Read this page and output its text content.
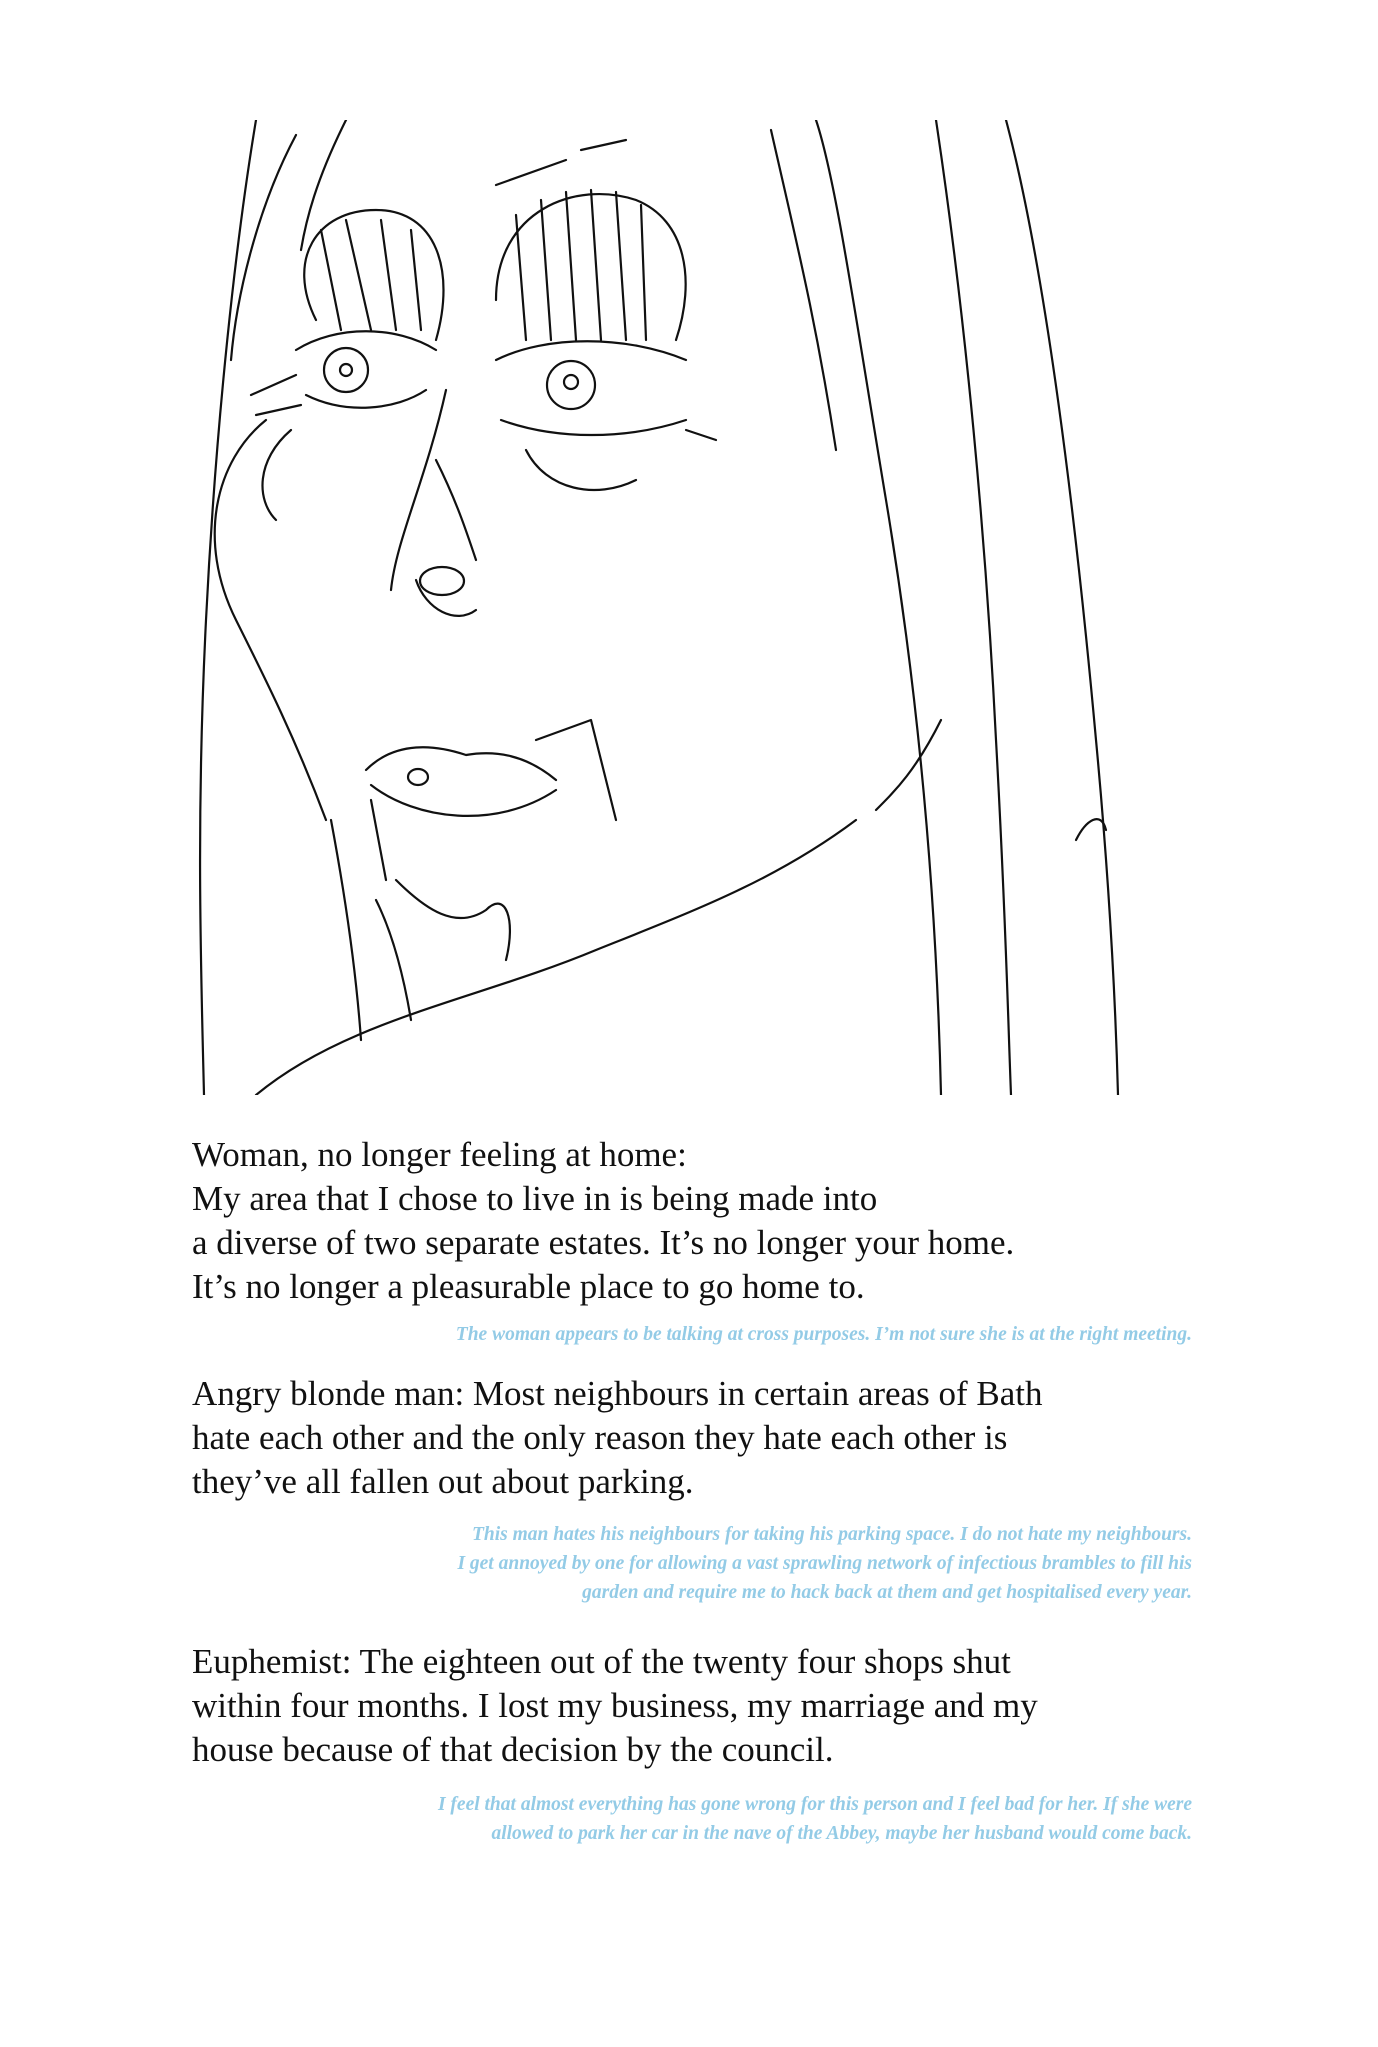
Woman, no longer feeling at home:
My area that I chose to live in is being made into
a diverse of two separate estates. It’s no longer your home.
It’s no longer a pleasurable place to go home to.

The woman appears to be talking at cross purposes. I’m not sure she is at the right meeting.

Angry blonde man: Most neighbours in certain areas of Bath
hate each other and the only reason they hate each other is
they’ve all fallen out about parking.

This man hates his neighbours for taking his parking space. I do not hate my neighbours.
I get annoyed by one for allowing a vast sprawling network of infectious brambles to fill his
garden and require me to hack back at them and get hospitalised every year.

Euphemist: The eighteen out of the twenty four shops shut
within four months. I lost my business, my marriage and my
house because of that decision by the council.

I feel that almost everything has gone wrong for this person and I feel bad for her. If she were
allowed to park her car in the nave of the Abbey, maybe her husband would come back.
